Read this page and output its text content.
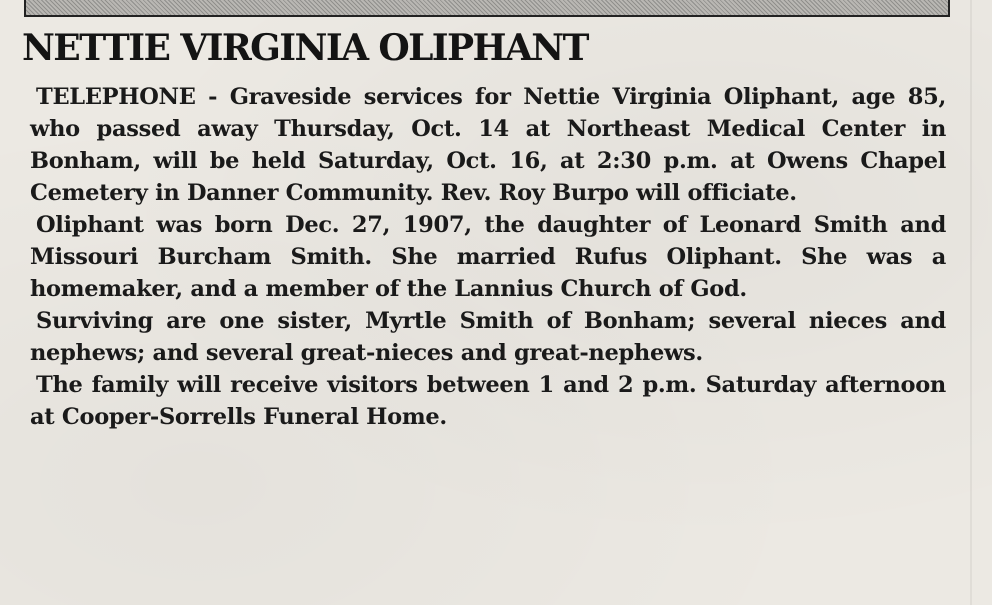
NETTIE VIRGINIA OLIPHANT

TELEPHONE - Graveside services for Nettie Virginia Oliphant, age 85, who passed away Thursday, Oct. 14 at Northeast Medical Center in Bonham, will be held Saturday, Oct. 16, at 2:30 p.m. at Owens Chapel Cemetery in Danner Community. Rev. Roy Burpo will officiate.

Oliphant was born Dec. 27, 1907, the daughter of Leonard Smith and Missouri Burcham Smith. She married Rufus Oliphant. She was a homemaker, and a member of the Lannius Church of God.

Surviving are one sister, Myrtle Smith of Bonham; several nieces and nephews; and several great-nieces and great-nephews.

The family will receive visitors between 1 and 2 p.m. Saturday afternoon at Cooper-Sorrells Funeral Home.
